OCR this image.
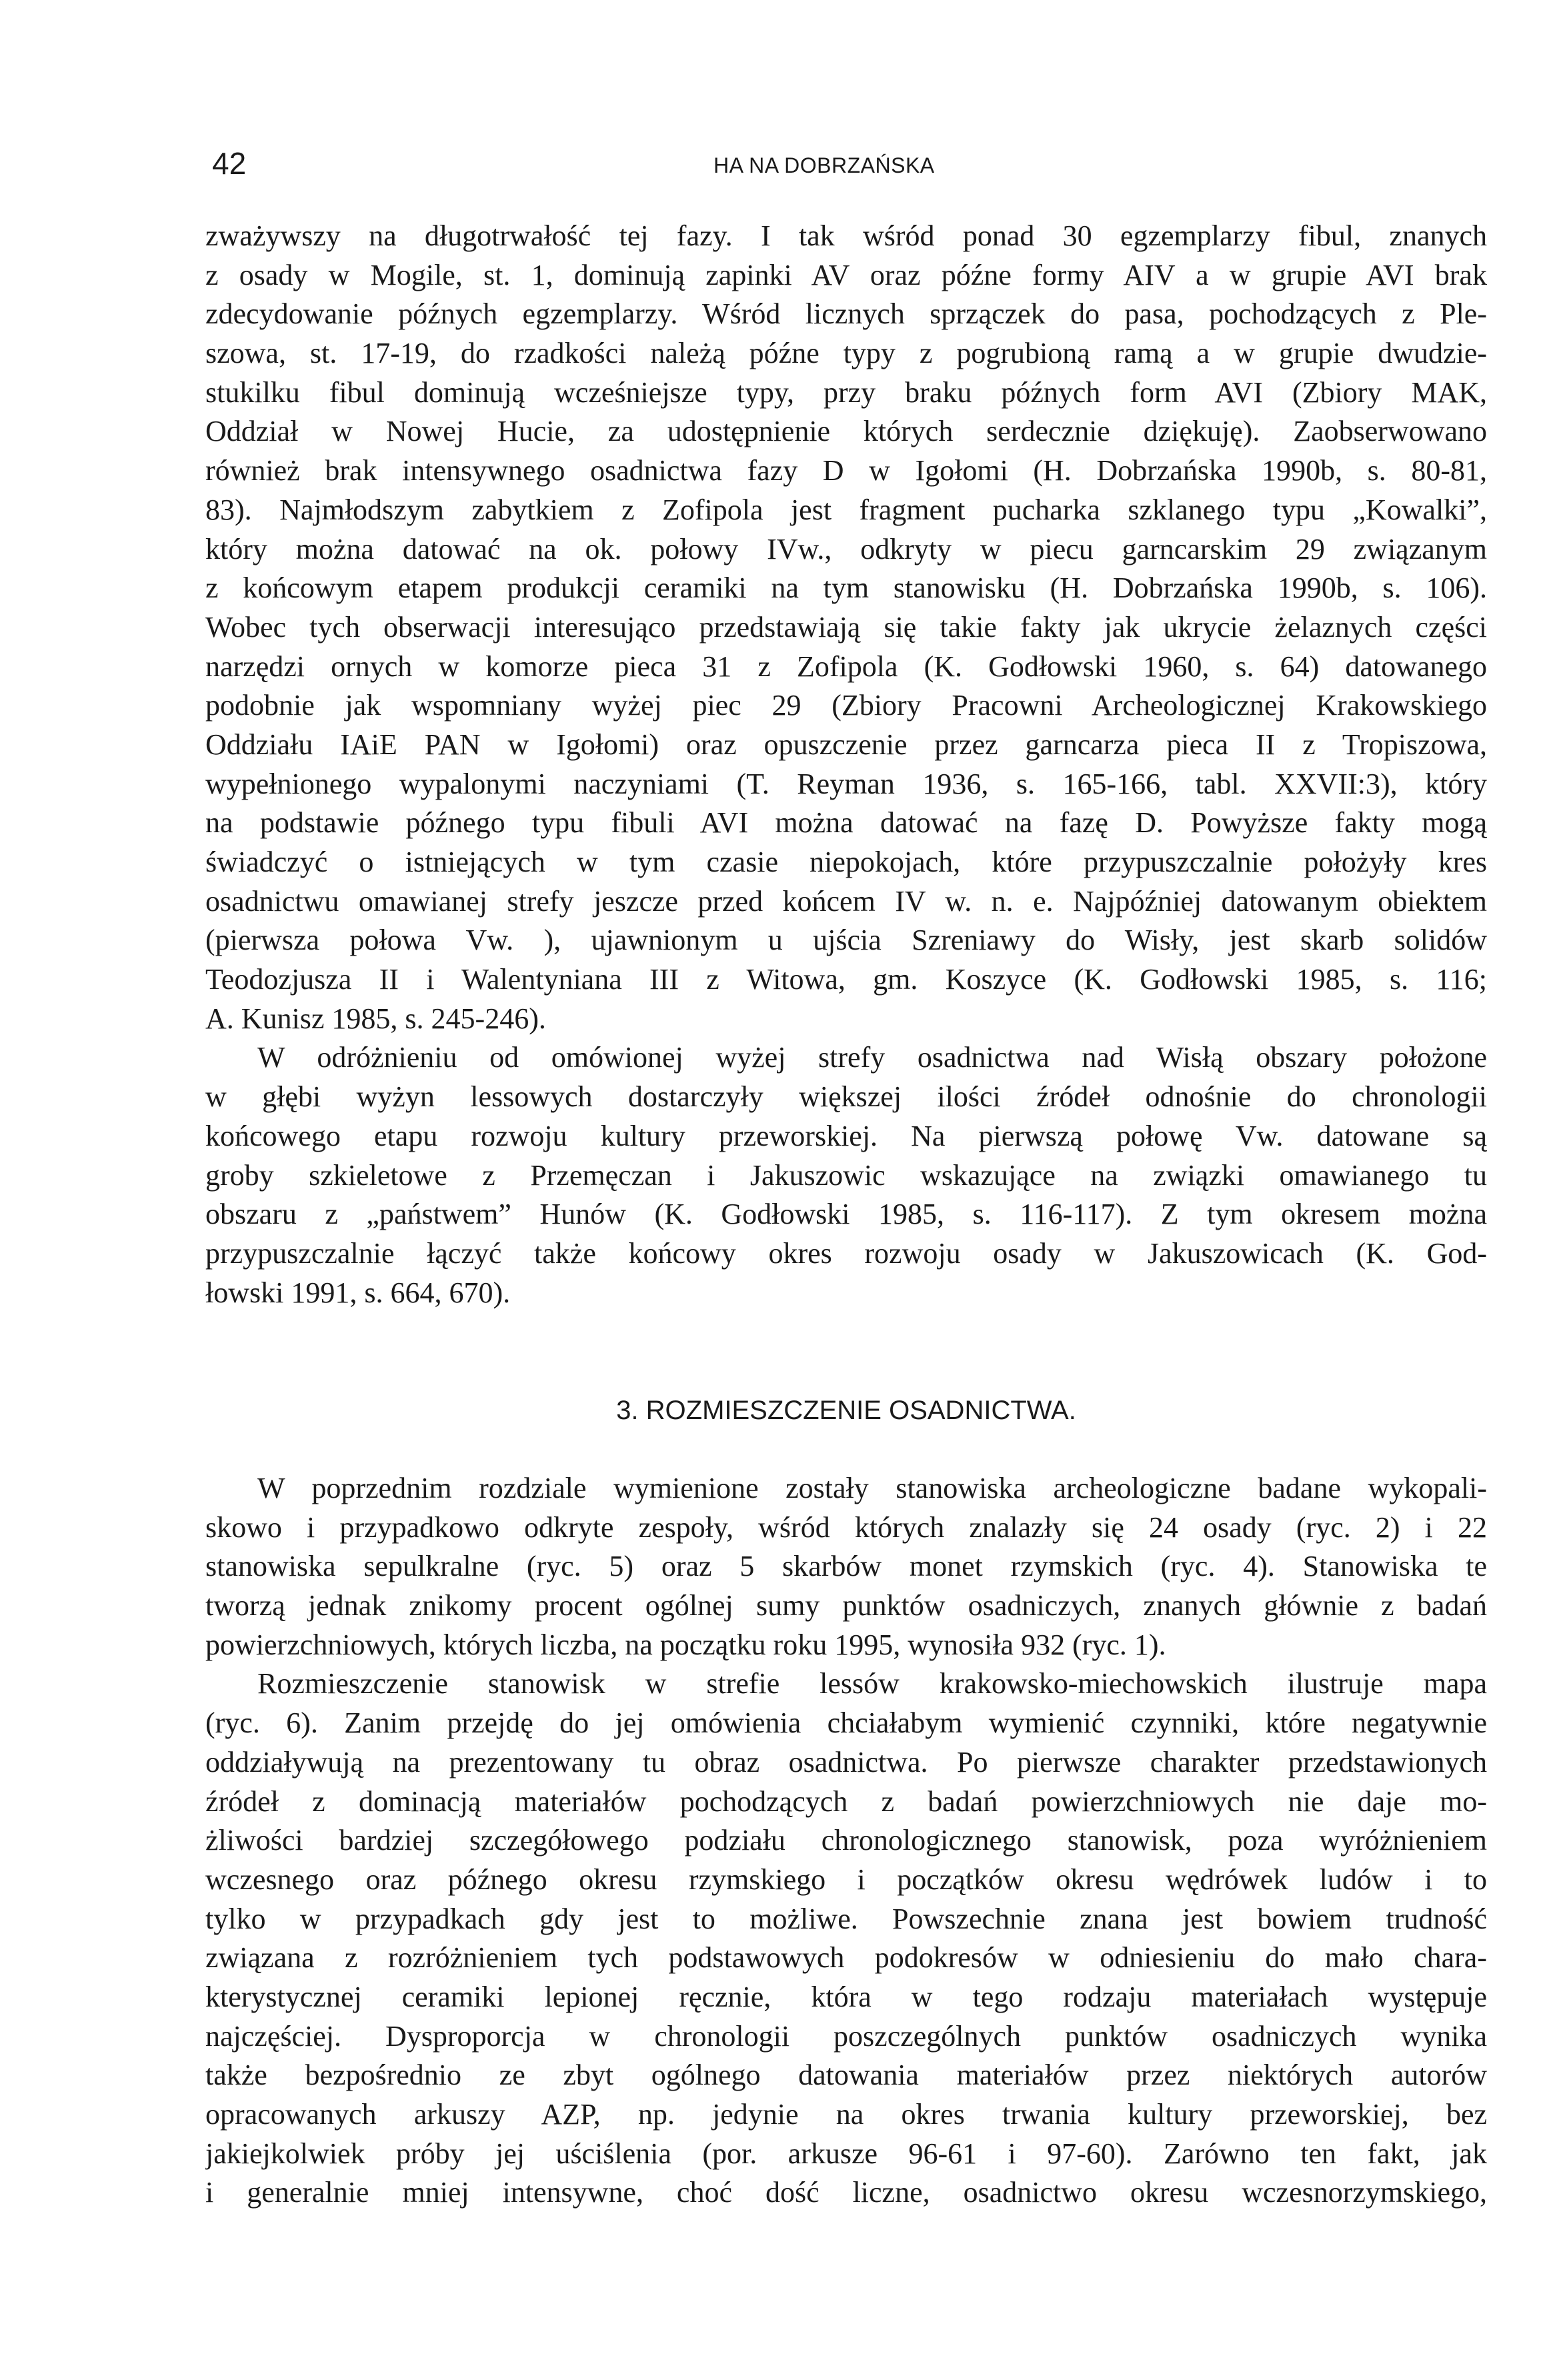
42	HA NA DOBRZAŃSKA
zważywszy na długotrwałość tej fazy. I tak wśród ponad 30 egzemplarzy fibul, znanych
z osady w Mogile, st. 1, dominują zapinki AV oraz późne formy AIV a w grupie AVI brak
zdecydowanie późnych egzemplarzy. Wśród licznych sprzączek do pasa, pochodzących z Ple-
szowa, st. 17-19, do rzadkości należą późne typy z pogrubioną ramą a w grupie dwudzie-
stukilku fibul dominują wcześniejsze typy, przy braku późnych form AVI (Zbiory MAK,
Oddział w Nowej Hucie, za udostępnienie których serdecznie dziękuję). Zaobserwowano
również brak intensywnego osadnictwa fazy D w Igołomi (H. Dobrzańska 1990b, s. 80-81,
83). Najmłodszym zabytkiem z Zofipola jest fragment pucharka szklanego typu „Kowalki”,
który można datować na ok. połowy IVw., odkryty w piecu garncarskim 29 związanym
z końcowym etapem produkcji ceramiki na tym stanowisku (H. Dobrzańska 1990b, s. 106).
Wobec tych obserwacji interesująco przedstawiają się takie fakty jak ukrycie żelaznych części
narzędzi ornych w komorze pieca 31 z Zofipola (K. Godłowski 1960, s. 64) datowanego
podobnie jak wspomniany wyżej piec 29 (Zbiory Pracowni Archeologicznej Krakowskiego
Oddziału IAiE PAN w Igołomi) oraz opuszczenie przez garncarza pieca II z Tropiszowa,
wypełnionego wypalonymi naczyniami (T. Reyman 1936, s. 165-166, tabl. XXVII:3), który
na podstawie późnego typu fibuli AVI można datować na fazę D. Powyższe fakty mogą
świadczyć o istniejących w tym czasie niepokojach, które przypuszczalnie położyły kres
osadnictwu omawianej strefy jeszcze przed końcem IV w. n. e. Najpóźniej datowanym obiektem
(pierwsza połowa Vw. ), ujawnionym u ujścia Szreniawy do Wisły, jest skarb solidów
Teodozjusza II i Walentyniana III z Witowa, gm. Koszyce (K. Godłowski 1985, s. 116;
A. Kunisz 1985, s. 245-246).
W odróżnieniu od omówionej wyżej strefy osadnictwa nad Wisłą obszary położone
w głębi wyżyn lessowych dostarczyły większej ilości źródeł odnośnie do chronologii
końcowego etapu rozwoju kultury przeworskiej. Na pierwszą połowę Vw. datowane są
groby szkieletowe z Przemęczan i Jakuszowic wskazujące na związki omawianego tu
obszaru z „państwem” Hunów (K. Godłowski 1985, s. 116-117). Z tym okresem można
przypuszczalnie łączyć także końcowy okres rozwoju osady w Jakuszowicach (K. God-
łowski 1991, s. 664, 670).
3. ROZMIESZCZENIE OSADNICTWA.
W poprzednim rozdziale wymienione zostały stanowiska archeologiczne badane wykopali-
skowo i przypadkowo odkryte zespoły, wśród których znalazły się 24 osady (ryc. 2) i 22
stanowiska sepulkralne (ryc. 5) oraz 5 skarbów monet rzymskich (ryc. 4). Stanowiska te
tworzą jednak znikomy procent ogólnej sumy punktów osadniczych, znanych głównie z badań
powierzchniowych, których liczba, na początku roku 1995, wynosiła 932 (ryc. 1).
Rozmieszczenie stanowisk w strefie lessów krakowsko-miechowskich ilustruje mapa
(ryc. 6). Zanim przejdę do jej omówienia chciałabym wymienić czynniki, które negatywnie
oddziaływują na prezentowany tu obraz osadnictwa. Po pierwsze charakter przedstawionych
źródeł z dominacją materiałów pochodzących z badań powierzchniowych nie daje mo-
żliwości bardziej szczegółowego podziału chronologicznego stanowisk, poza wyróżnieniem
wczesnego oraz późnego okresu rzymskiego i początków okresu wędrówek ludów i to
tylko w przypadkach gdy jest to możliwe. Powszechnie znana jest bowiem trudność
związana z rozróżnieniem tych podstawowych podokresów w odniesieniu do mało chara-
kterystycznej ceramiki lepionej ręcznie, która w tego rodzaju materiałach występuje
najczęściej. Dysproporcja w chronologii poszczególnych punktów osadniczych wynika
także bezpośrednio ze zbyt ogólnego datowania materiałów przez niektórych autorów
opracowanych arkuszy AZP, np. jedynie na okres trwania kultury przeworskiej, bez
jakiejkolwiek próby jej uściślenia (por. arkusze 96-61 i 97-60). Zarówno ten fakt, jak
i generalnie mniej intensywne, choć dość liczne, osadnictwo okresu wczesnorzymskiego,
